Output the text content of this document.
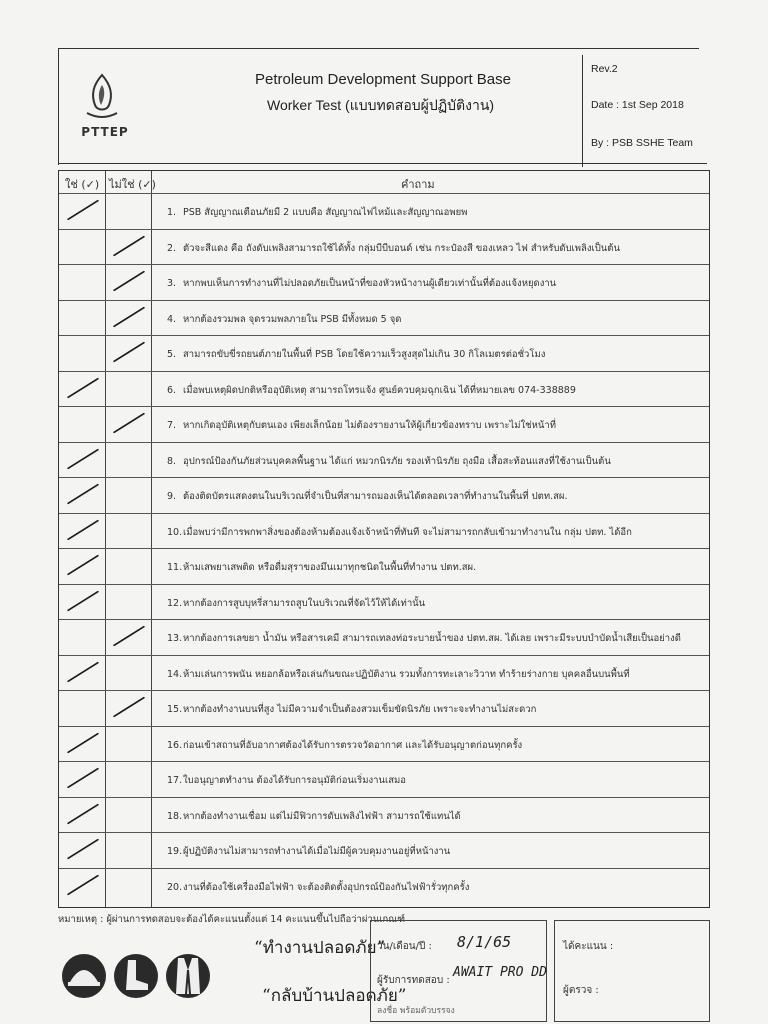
PTTEP
Petroleum Development Support Base
Worker Test (แบบทดสอบผู้ปฏิบัติงาน)
Rev.2
Date : 1st Sep 2018
By : PSB SSHE Team
ใช่ (✓) ไม่ใช่ (✓)	คำถาม
1. PSB สัญญาณเตือนภัยมี 2 แบบคือ สัญญาณไฟไหม้และสัญญาณอพยพ
2. ตัวจะสีแดง คือ ถังดับเพลิงสามารถใช้ได้ทั้ง กลุ่มบีบีบอนด์ เช่น กระป๋องสี ของเหลว ไฟ สำหรับดับเพลิงเป็นต้น
3. หากพบเห็นการทำงานที่ไม่ปลอดภัยเป็นหน้าที่ของหัวหน้างานผู้เดียวเท่านั้นที่ต้องแจ้งหยุดงาน
4. หากต้องรวมพล จุดรวมพลภายใน PSB มีทั้งหมด 5 จุด
5. สามารถขับขี่รถยนต์ภายในพื้นที่ PSB โดยใช้ความเร็วสูงสุดไม่เกิน 30 กิโลเมตรต่อชั่วโมง
6. เมื่อพบเหตุผิดปกติหรืออุบัติเหตุ สามารถโทรแจ้ง ศูนย์ควบคุมฉุกเฉิน ได้ที่หมายเลข 074-338889
7. หากเกิดอุบัติเหตุกับตนเอง เพียงเล็กน้อย ไม่ต้องรายงานให้ผู้เกี่ยวข้องทราบ เพราะไม่ใช่หน้าที่
8. อุปกรณ์ป้องกันภัยส่วนบุคคลพื้นฐาน ได้แก่ หมวกนิรภัย รองเท้านิรภัย ถุงมือ เสื้อสะท้อนแสงที่ใช้งานเป็นต้น
9. ต้องติดบัตรแสดงตนในบริเวณที่จำเป็นที่สามารถมองเห็นได้ตลอดเวลาที่ทำงานในพื้นที่ ปตท.สผ.
10.เมื่อพบว่ามีการพกพาสิ่งของต้องห้ามต้องแจ้งเจ้าหน้าที่ทันที จะไม่สามารถกลับเข้ามาทำงานใน กลุ่ม ปตท. ได้อีก
11.ห้ามเสพยาเสพติด หรือดื่มสุราของมึนเมาทุกชนิดในพื้นที่ทำงาน ปตท.สผ.
12.หากต้องการสูบบุหรี่สามารถสูบในบริเวณที่จัดไว้ให้ได้เท่านั้น
13.หากต้องการเลขยา น้ำมัน หรือสารเคมี สามารถเทลงท่อระบายน้ำของ ปตท.สผ. ได้เลย เพราะมีระบบบำบัดน้ำเสียเป็นอย่างดี
14.ห้ามเล่นการพนัน หยอกล้อหรือเล่นกันขณะปฏิบัติงาน รวมทั้งการทะเลาะวิวาท ทำร้ายร่างกาย บุคคลอื่นบนพื้นที่
15.หากต้องทำงานบนที่สูง ไม่มีความจำเป็นต้องสวมเข็มขัดนิรภัย เพราะจะทำงานไม่สะดวก
16.ก่อนเข้าสถานที่อับอากาศต้องได้รับการตรวจวัดอากาศ และได้รับอนุญาตก่อนทุกครั้ง
17.ใบอนุญาตทำงาน ต้องได้รับการอนุมัติก่อนเริ่มงานเสมอ
18.หากต้องทำงานเชื่อม แต่ไม่มีฟิวการดับเพลิงไฟฟ้า สามารถใช้แทนได้
19.ผู้ปฏิบัติงานไม่สามารถทำงานได้เมื่อไม่มีผู้ควบคุมงานอยู่ที่หน้างาน
20.งานที่ต้องใช้เครื่องมือไฟฟ้า จะต้องติดตั้งอุปกรณ์ป้องกันไฟฟ้ารั่วทุกครั้ง
หมายเหตุ : ผู้ผ่านการทดสอบจะต้องได้คะแนนตั้งแต่ 14 คะแนนขึ้นไปถือว่าผ่านเกณฑ์
“ทำงานปลอดภัย”
“กลับบ้านปลอดภัย”
วัน/เดือน/ปี : 8/1/65
ผู้รับการทดสอบ :
AWAIT PRO DD
ลงชื่อ พร้อมตัวบรรจง
ได้คะแนน :
ผู้ตรวจ :
